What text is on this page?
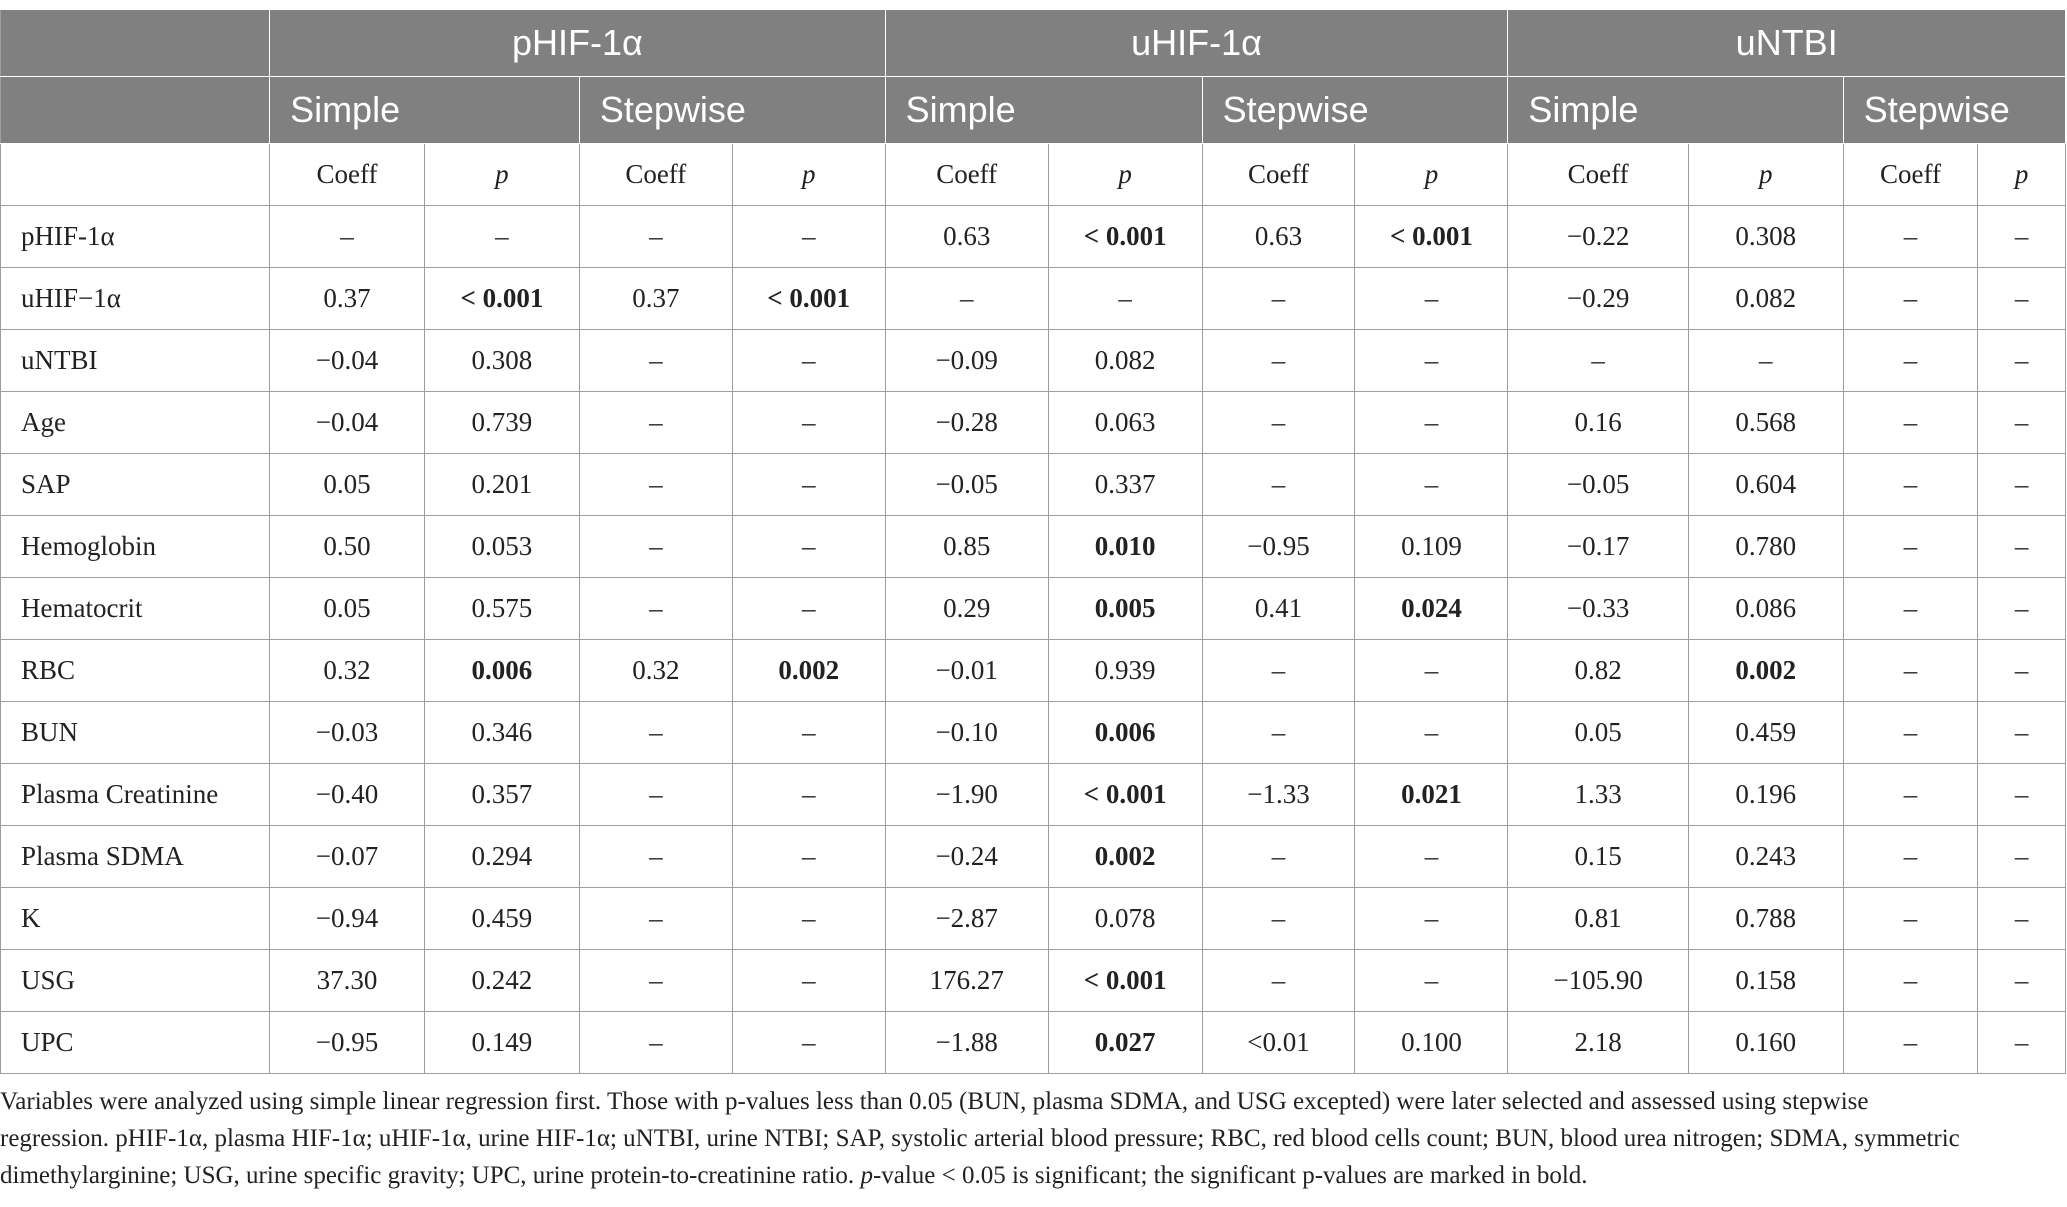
	pHIF-1α				uHIF-1α				uNTBI			
	Simple		Stepwise		Simple		Stepwise		Simple		Stepwise	
	Coeff	p	Coeff	p	Coeff	p	Coeff	p	Coeff	p	Coeff	p
pHIF-1α	–	–	–	–	0.63	< 0.001	0.63	< 0.001	−0.22	0.308	–	–
uHIF−1α	0.37	< 0.001	0.37	< 0.001	–	–	–	–	−0.29	0.082	–	–
uNTBI	−0.04	0.308	–	–	−0.09	0.082	–	–	–	–	–	–
Age	−0.04	0.739	–	–	−0.28	0.063	–	–	0.16	0.568	–	–
SAP	0.05	0.201	–	–	−0.05	0.337	–	–	−0.05	0.604	–	–
Hemoglobin	0.50	0.053	–	–	0.85	0.010	−0.95	0.109	−0.17	0.780	–	–
Hematocrit	0.05	0.575	–	–	0.29	0.005	0.41	0.024	−0.33	0.086	–	–
RBC	0.32	0.006	0.32	0.002	−0.01	0.939	–	–	0.82	0.002	–	–
BUN	−0.03	0.346	–	–	−0.10	0.006	–	–	0.05	0.459	–	–
Plasma Creatinine	−0.40	0.357	–	–	−1.90	< 0.001	−1.33	0.021	1.33	0.196	–	–
Plasma SDMA	−0.07	0.294	–	–	−0.24	0.002	–	–	0.15	0.243	–	–
K	−0.94	0.459	–	–	−2.87	0.078	–	–	0.81	0.788	–	–
USG	37.30	0.242	–	–	176.27	< 0.001	–	–	−105.90	0.158	–	–
UPC	−0.95	0.149	–	–	−1.88	0.027	<0.01	0.100	2.18	0.160	–	–
Variables were analyzed using simple linear regression first. Those with p-values less than 0.05 (BUN, plasma SDMA, and USG excepted) were later selected and assessed using stepwise regression. pHIF-1α, plasma HIF-1α; uHIF-1α, urine HIF-1α; uNTBI, urine NTBI; SAP, systolic arterial blood pressure; RBC, red blood cells count; BUN, blood urea nitrogen; SDMA, symmetric dimethylarginine; USG, urine specific gravity; UPC, urine protein-to-creatinine ratio. p-value < 0.05 is significant; the significant p-values are marked in bold.
